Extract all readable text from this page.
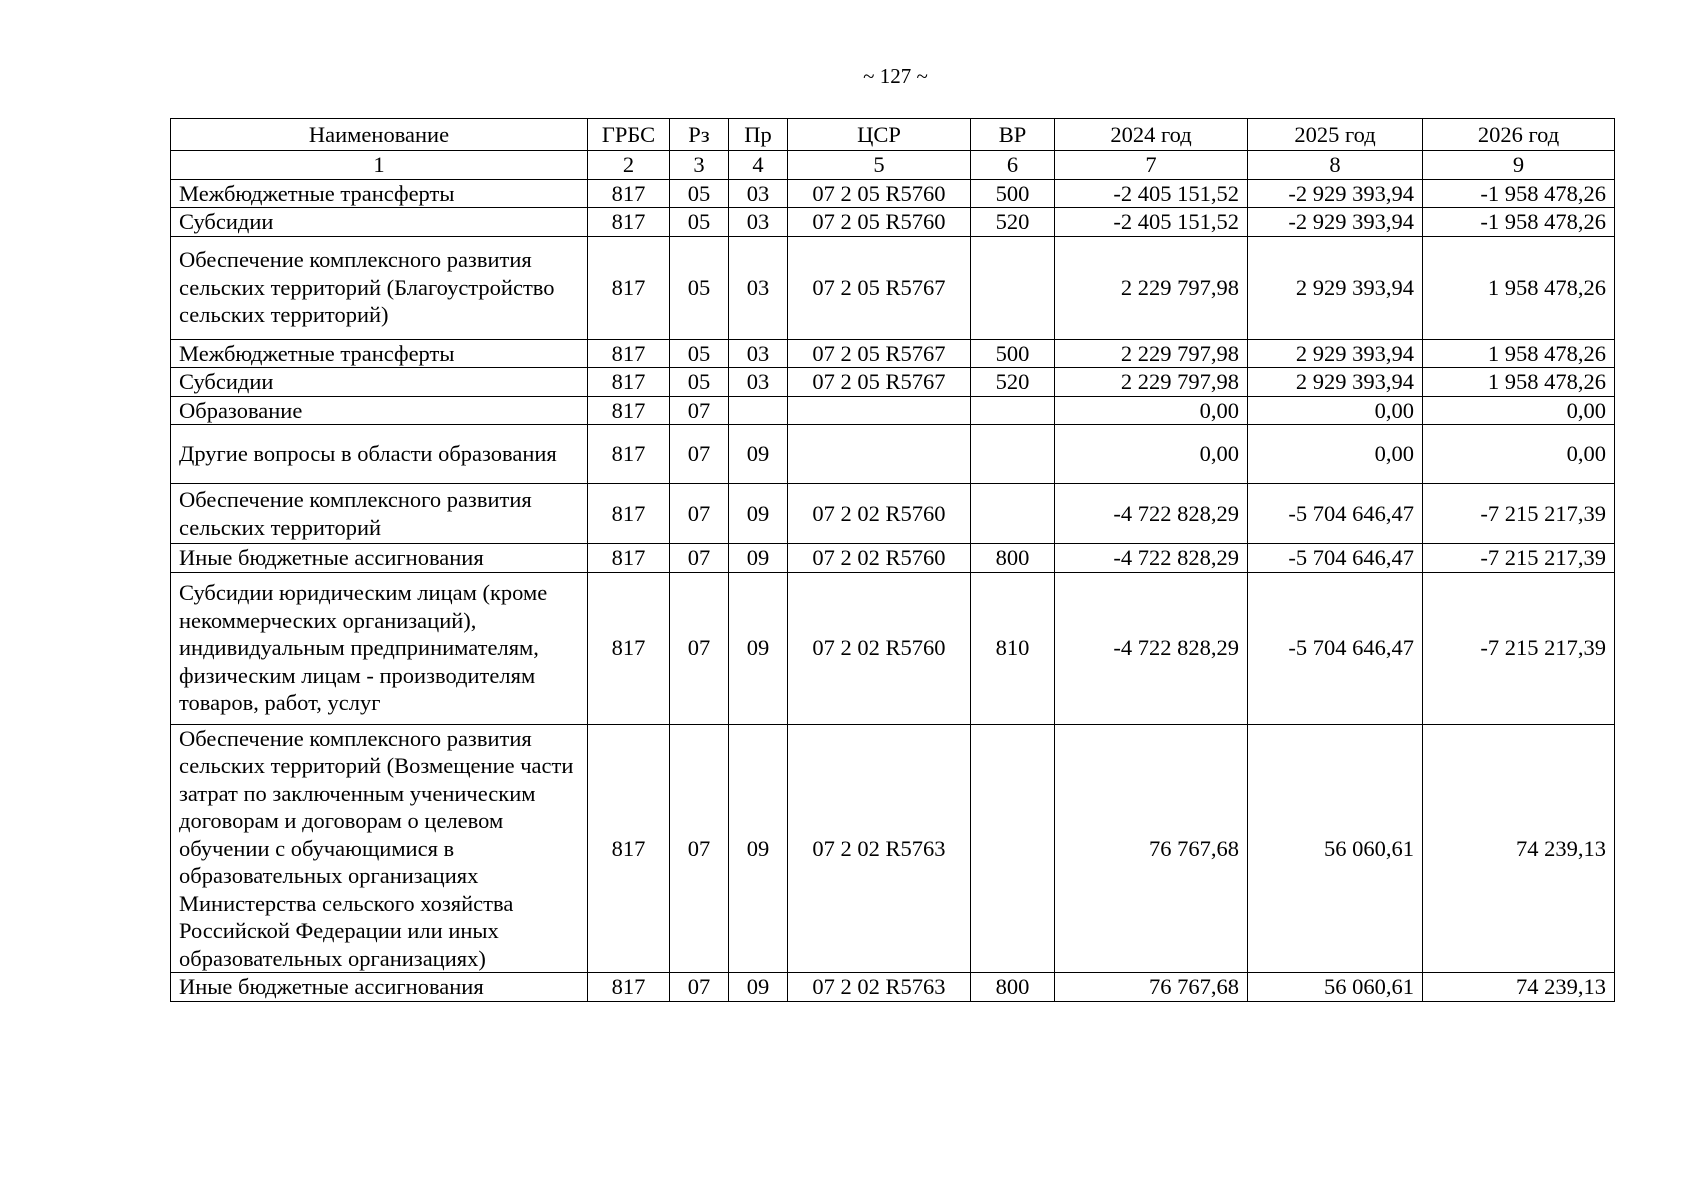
~ 127 ~
Наименование	ГРБС	Рз	Пр	ЦСР	ВР	2024 год	2025 год	2026 год
1	2	3	4	5	6	7	8	9
Межбюджетные трансферты	817	05	03	07 2 05 R5760	500	-2 405 151,52	-2 929 393,94	-1 958 478,26
Субсидии	817	05	03	07 2 05 R5760	520	-2 405 151,52	-2 929 393,94	-1 958 478,26
Обеспечение комплексного развития сельских территорий (Благоустройство сельских территорий)	817	05	03	07 2 05 R5767		2 229 797,98	2 929 393,94	1 958 478,26
Межбюджетные трансферты	817	05	03	07 2 05 R5767	500	2 229 797,98	2 929 393,94	1 958 478,26
Субсидии	817	05	03	07 2 05 R5767	520	2 229 797,98	2 929 393,94	1 958 478,26
Образование	817	07				0,00	0,00	0,00
Другие вопросы в области образования	817	07	09			0,00	0,00	0,00
Обеспечение комплексного развития сельских территорий	817	07	09	07 2 02 R5760		-4 722 828,29	-5 704 646,47	-7 215 217,39
Иные бюджетные ассигнования	817	07	09	07 2 02 R5760	800	-4 722 828,29	-5 704 646,47	-7 215 217,39
Субсидии юридическим лицам (кроме некоммерческих организаций), индивидуальным предпринимателям, физическим лицам - производителям товаров, работ, услуг	817	07	09	07 2 02 R5760	810	-4 722 828,29	-5 704 646,47	-7 215 217,39
Обеспечение комплексного развития сельских территорий (Возмещение части затрат по заключенным ученическим договорам и договорам о целевом обучении с обучающимися в образовательных организациях Министерства сельского хозяйства Российской Федерации или иных образовательных организациях)	817	07	09	07 2 02 R5763		76 767,68	56 060,61	74 239,13
Иные бюджетные ассигнования	817	07	09	07 2 02 R5763	800	76 767,68	56 060,61	74 239,13
